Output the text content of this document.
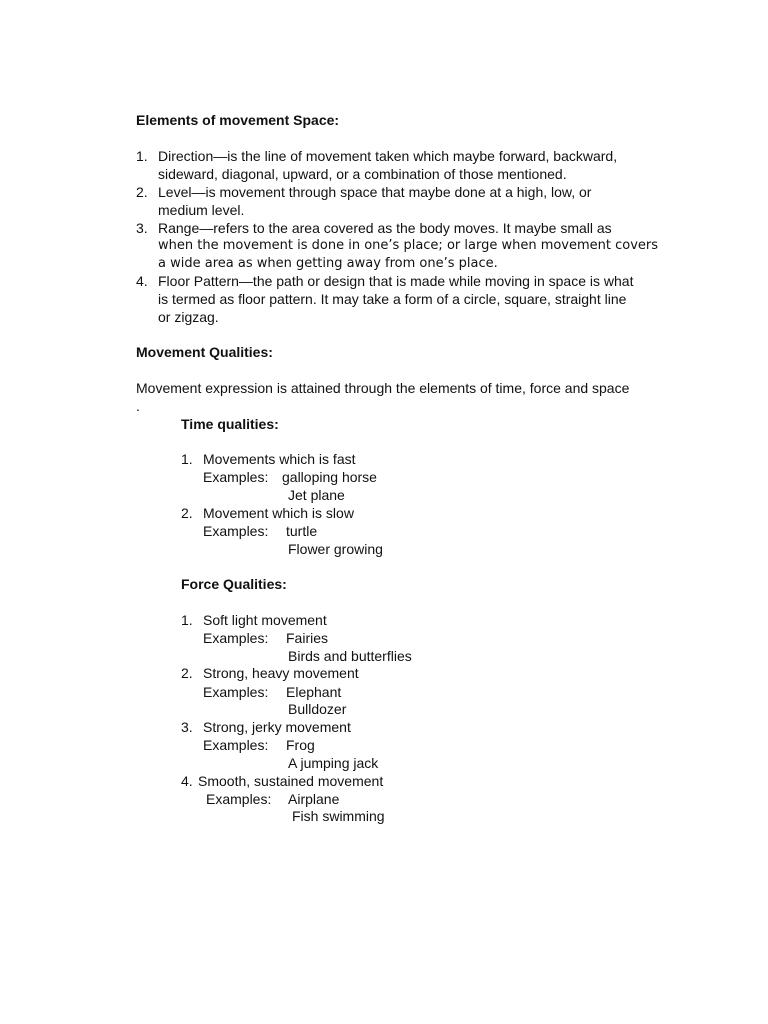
Elements of movement Space:
1. Direction—is the line of movement taken which maybe forward, backward,
sideward, diagonal, upward, or a combination of those mentioned.
2. Level—is movement through space that maybe done at a high, low, or
medium level.
3. Range—refers to the area covered as the body moves. It maybe small as
when the movement is done in one’s place; or large when movement covers
a wide area as when getting away from one’s place.
4. Floor Pattern—the path or design that is made while moving in space is what
is termed as floor pattern. It may take a form of a circle, square, straight line
or zigzag.
Movement Qualities:
Movement expression is attained through the elements of time, force and space
.
Time qualities:
1. Movements which is fast
Examples: galloping horse
Jet plane
2. Movement which is slow
Examples: turtle
Flower growing
Force Qualities:
1. Soft light movement
Examples: Fairies
Birds and butterflies
2. Strong, heavy movement
Examples: Elephant
Bulldozer
3. Strong, jerky movement
Examples: Frog
A jumping jack
4. Smooth, sustained movement
Examples: Airplane
Fish swimming
